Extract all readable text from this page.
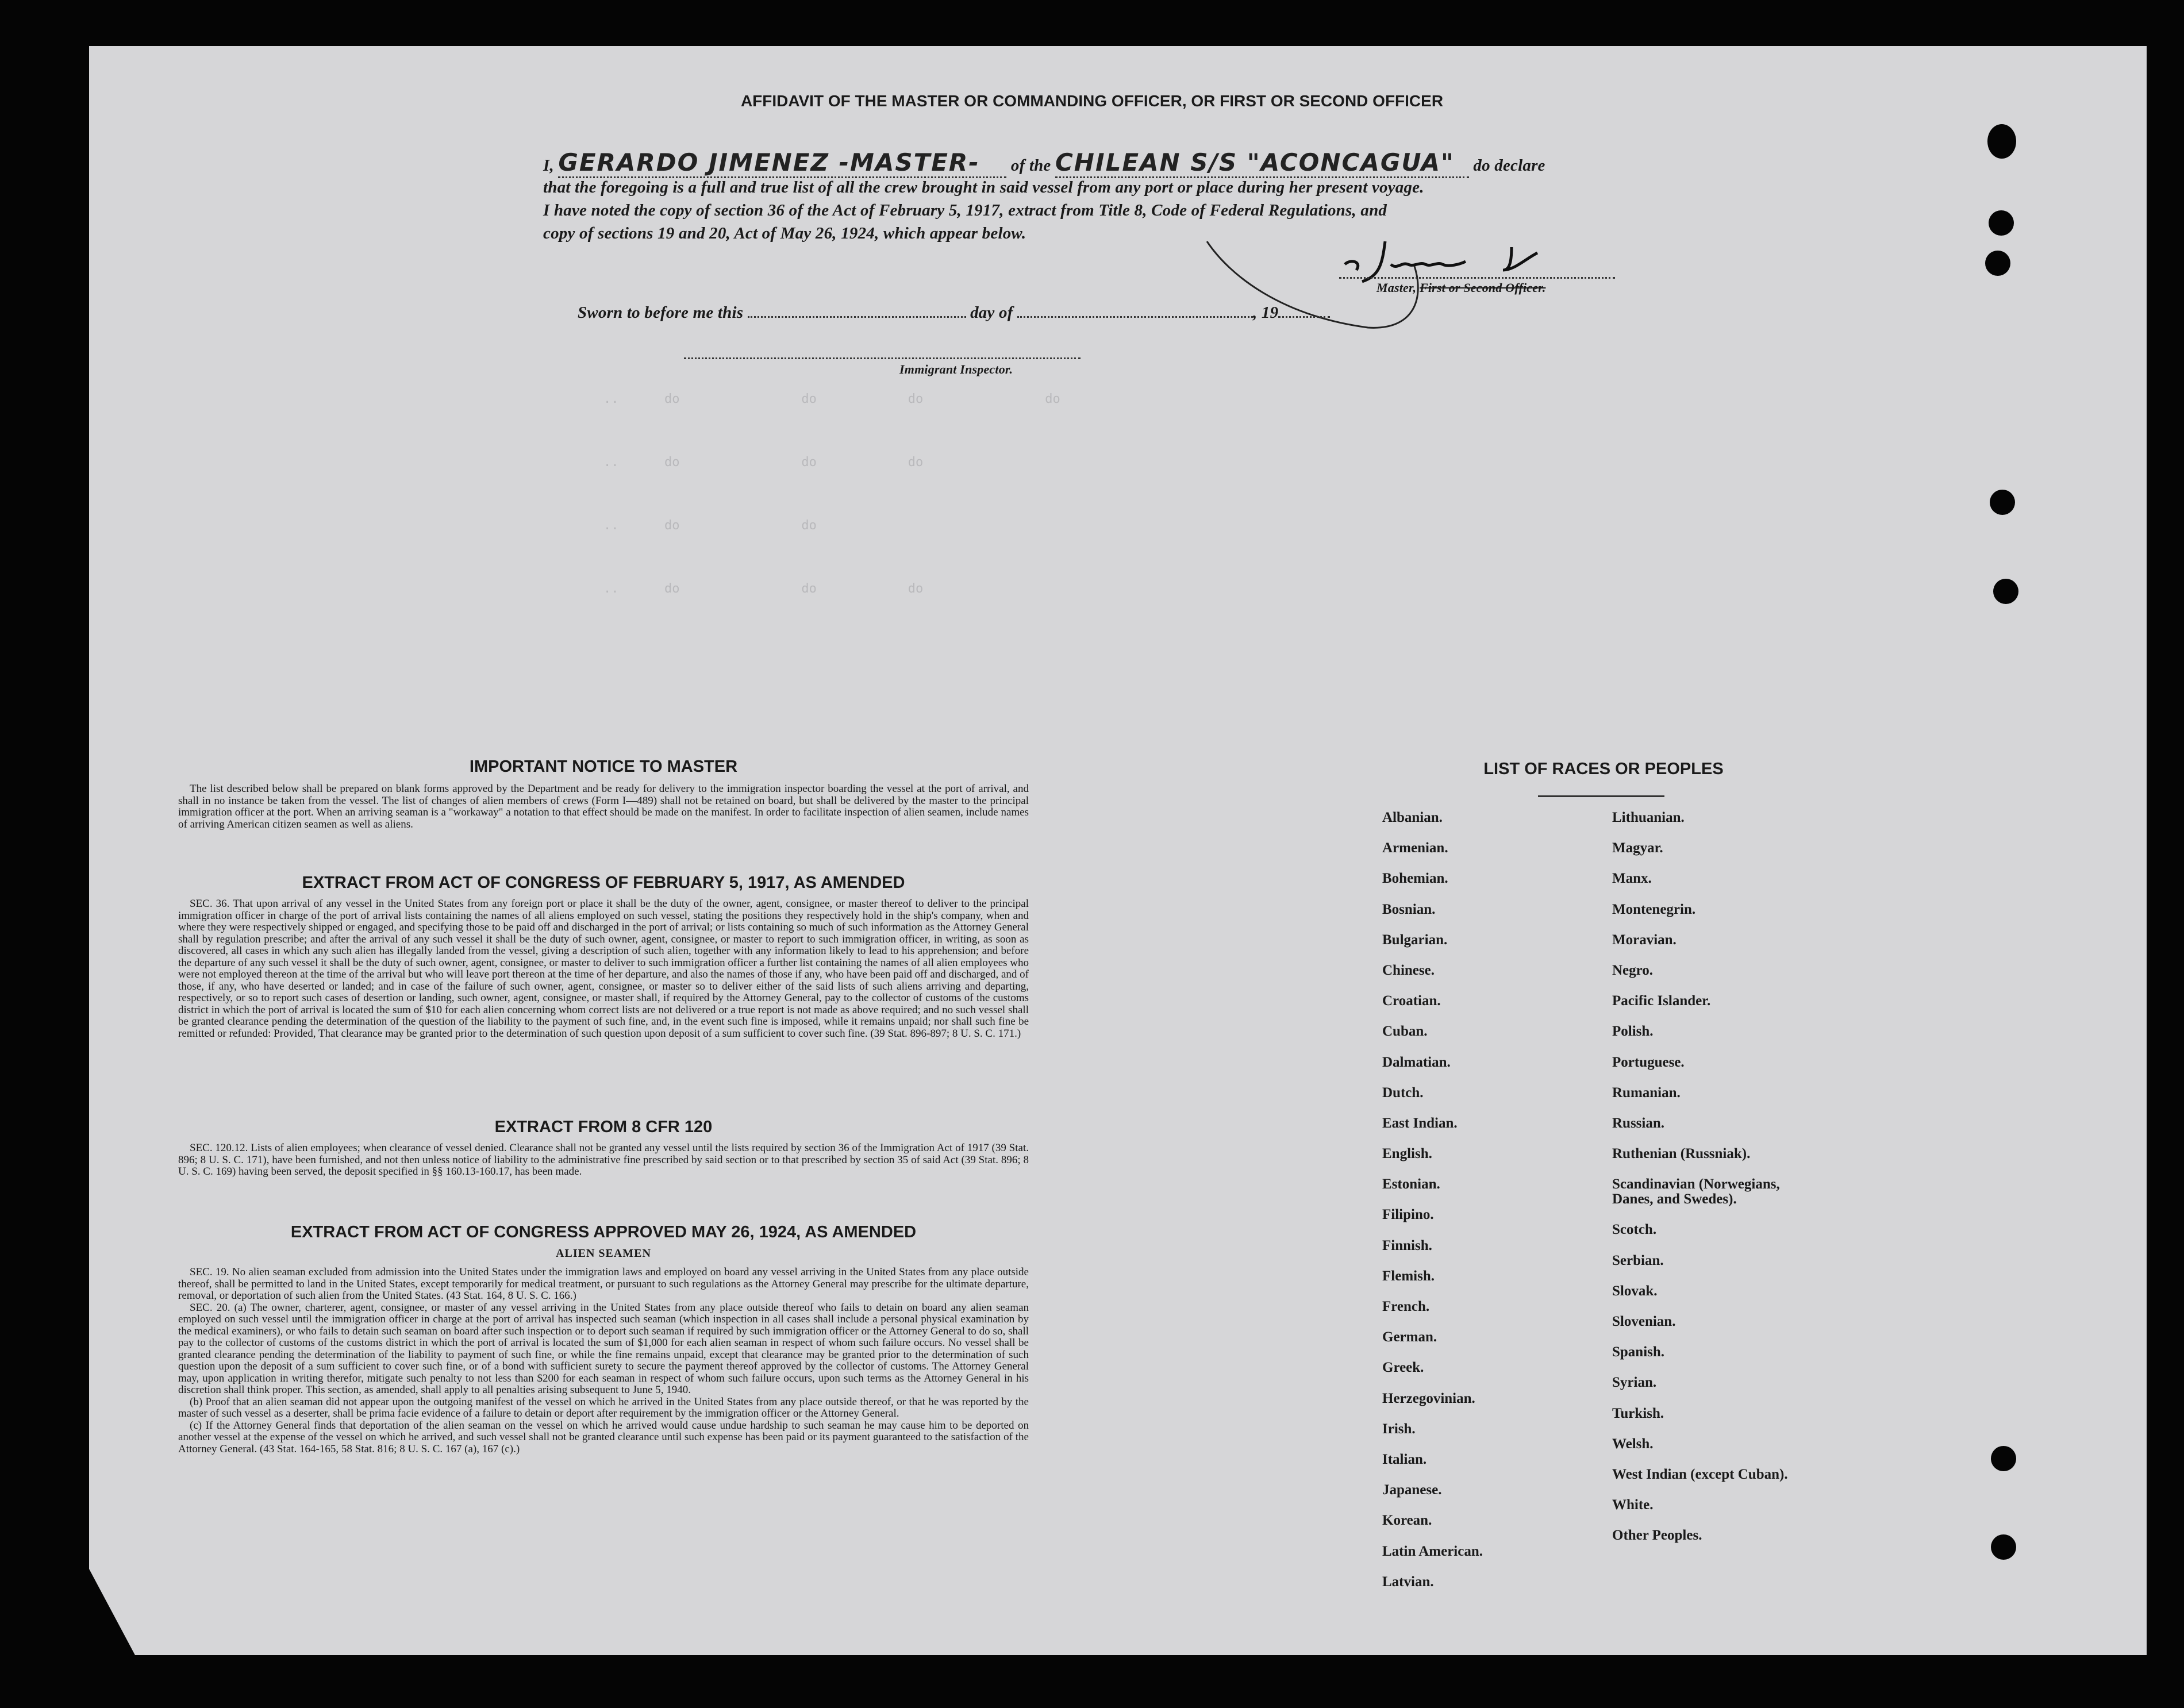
..      do                do            do                do
..      do                do            do
..      do                do
..      do                do            do
AFFIDAVIT OF THE MASTER OR COMMANDING OFFICER, OR FIRST OR SECOND OFFICER
I, GERARDO JIMENEZ -MASTER- of the CHILEAN S/S "ACONCAGUA" do declare
that the foregoing is a full and true list of all the crew brought in said vessel from any port or place during her present voyage.
I have noted the copy of section 36 of the Act of February 5, 1917, extract from Title 8, Code of Federal Regulations, and
copy of sections 19 and 20, Act of May 26, 1924, which appear below.
Master, First or Second Officer.
Sworn to before me this	day of	, 19
Immigrant Inspector.
IMPORTANT NOTICE TO MASTER
The list described below shall be prepared on blank forms approved by the Department and be ready for delivery to the immigration inspector boarding the vessel at the port of arrival, and shall in no instance be taken from the vessel. The list of changes of alien members of crews (Form I—489) shall not be retained on board, but shall be delivered by the master to the principal immigration officer at the port. When an arriving seaman is a "workaway" a notation to that effect should be made on the manifest. In order to facilitate inspection of alien seamen, include names of arriving American citizen seamen as well as aliens.
EXTRACT FROM ACT OF CONGRESS OF FEBRUARY 5, 1917, AS AMENDED
SEC. 36. That upon arrival of any vessel in the United States from any foreign port or place it shall be the duty of the owner, agent, consignee, or master thereof to deliver to the principal immigration officer in charge of the port of arrival lists containing the names of all aliens employed on such vessel, stating the positions they respectively hold in the ship's company, when and where they were respectively shipped or engaged, and specifying those to be paid off and discharged in the port of arrival; or lists containing so much of such information as the Attorney General shall by regulation prescribe; and after the arrival of any such vessel it shall be the duty of such owner, agent, consignee, or master to report to such immigration officer, in writing, as soon as discovered, all cases in which any such alien has illegally landed from the vessel, giving a description of such alien, together with any information likely to lead to his apprehension; and before the departure of any such vessel it shall be the duty of such owner, agent, consignee, or master to deliver to such immigration officer a further list containing the names of all alien employees who were not employed thereon at the time of the arrival but who will leave port thereon at the time of her departure, and also the names of those if any, who have been paid off and discharged, and of those, if any, who have deserted or landed; and in case of the failure of such owner, agent, consignee, or master so to deliver either of the said lists of such aliens arriving and departing, respectively, or so to report such cases of desertion or landing, such owner, agent, consignee, or master shall, if required by the Attorney General, pay to the collector of customs of the customs district in which the port of arrival is located the sum of $10 for each alien concerning whom correct lists are not delivered or a true report is not made as above required; and no such vessel shall be granted clearance pending the determination of the question of the liability to the payment of such fine, and, in the event such fine is imposed, while it remains unpaid; nor shall such fine be remitted or refunded: Provided, That clearance may be granted prior to the determination of such question upon deposit of a sum sufficient to cover such fine. (39 Stat. 896-897; 8 U. S. C. 171.)
EXTRACT FROM 8 CFR 120
SEC. 120.12. Lists of alien employees; when clearance of vessel denied. Clearance shall not be granted any vessel until the lists required by section 36 of the Immigration Act of 1917 (39 Stat. 896; 8 U. S. C. 171), have been furnished, and not then unless notice of liability to the administrative fine prescribed by said section or to that prescribed by section 35 of said Act (39 Stat. 896; 8 U. S. C. 169) having been served, the deposit specified in §§ 160.13-160.17, has been made.
EXTRACT FROM ACT OF CONGRESS APPROVED MAY 26, 1924, AS AMENDED
ALIEN SEAMEN
SEC. 19. No alien seaman excluded from admission into the United States under the immigration laws and employed on board any vessel arriving in the United States from any place outside thereof, shall be permitted to land in the United States, except temporarily for medical treatment, or pursuant to such regulations as the Attorney General may prescribe for the ultimate departure, removal, or deportation of such alien from the United States. (43 Stat. 164, 8 U. S. C. 166.)
SEC. 20. (a) The owner, charterer, agent, consignee, or master of any vessel arriving in the United States from any place outside thereof who fails to detain on board any alien seaman employed on such vessel until the immigration officer in charge at the port of arrival has inspected such seaman (which inspection in all cases shall include a personal physical examination by the medical examiners), or who fails to detain such seaman on board after such inspection or to deport such seaman if required by such immigration officer or the Attorney General to do so, shall pay to the collector of customs of the customs district in which the port of arrival is located the sum of $1,000 for each alien seaman in respect of whom such failure occurs. No vessel shall be granted clearance pending the determination of the liability to payment of such fine, or while the fine remains unpaid, except that clearance may be granted prior to the determination of such question upon the deposit of a sum sufficient to cover such fine, or of a bond with sufficient surety to secure the payment thereof approved by the collector of customs. The Attorney General may, upon application in writing therefor, mitigate such penalty to not less than $200 for each seaman in respect of whom such failure occurs, upon such terms as the Attorney General in his discretion shall think proper. This section, as amended, shall apply to all penalties arising subsequent to June 5, 1940.
(b) Proof that an alien seaman did not appear upon the outgoing manifest of the vessel on which he arrived in the United States from any place outside thereof, or that he was reported by the master of such vessel as a deserter, shall be prima facie evidence of a failure to detain or deport after requirement by the immigration officer or the Attorney General.
(c) If the Attorney General finds that deportation of the alien seaman on the vessel on which he arrived would cause undue hardship to such seaman he may cause him to be deported on another vessel at the expense of the vessel on which he arrived, and such vessel shall not be granted clearance until such expense has been paid or its payment guaranteed to the satisfaction of the Attorney General. (43 Stat. 164-165, 58 Stat. 816; 8 U. S. C. 167 (a), 167 (c).)
LIST OF RACES OR PEOPLES
Albanian.
Armenian.
Bohemian.
Bosnian.
Bulgarian.
Chinese.
Croatian.
Cuban.
Dalmatian.
Dutch.
East Indian.
English.
Estonian.
Filipino.
Finnish.
Flemish.
French.
German.
Greek.
Herzegovinian.
Irish.
Italian.
Japanese.
Korean.
Latin American.
Latvian.
Lithuanian.
Magyar.
Manx.
Montenegrin.
Moravian.
Negro.
Pacific Islander.
Polish.
Portuguese.
Rumanian.
Russian.
Ruthenian (Russniak).
Scandinavian (Norwegians,
Danes, and Swedes).
Scotch.
Serbian.
Slovak.
Slovenian.
Spanish.
Syrian.
Turkish.
Welsh.
West Indian (except Cuban).
White.
Other Peoples.
